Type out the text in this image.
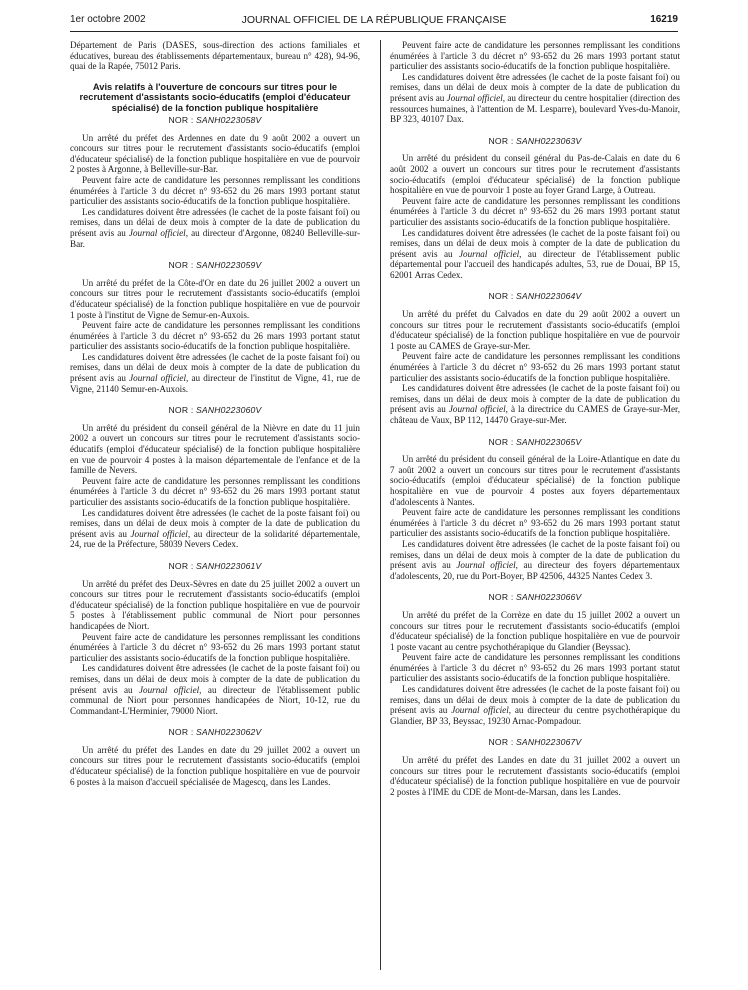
1er octobre 2002	JOURNAL OFFICIEL DE LA RÉPUBLIQUE FRANÇAISE	16219

Département de Paris (DASES, sous-direction des actions familiales et éducatives, bureau des établissements départementaux, bureau n° 428), 94-96, quai de la Rapée, 75012 Paris.

Avis relatifs à l'ouverture de concours sur titres pour le recrutement d'assistants socio-éducatifs (emploi d'éducateur spécialisé) de la fonction publique hospitalière
NOR : SANH0223058V

Un arrêté du préfet des Ardennes en date du 9 août 2002 a ouvert un concours sur titres pour le recrutement d'assistants socio-éducatifs (emploi d'éducateur spécialisé) de la fonction publique hospitalière en vue de pourvoir 2 postes à Argonne, à Belleville-sur-Bar.

Peuvent faire acte de candidature les personnes remplissant les conditions énumérées à l'article 3 du décret n° 93-652 du 26 mars 1993 portant statut particulier des assistants socio-éducatifs de la fonction publique hospitalière.

Les candidatures doivent être adressées (le cachet de la poste faisant foi) ou remises, dans un délai de deux mois à compter de la date de publication du présent avis au Journal officiel, au directeur d'Argonne, 08240 Belleville-sur-Bar.

NOR : SANH0223059V

Un arrêté du préfet de la Côte-d'Or en date du 26 juillet 2002 a ouvert un concours sur titres pour le recrutement d'assistants socio-éducatifs (emploi d'éducateur spécialisé) de la fonction publique hospitalière en vue de pourvoir 1 poste à l'institut de Vigne de Semur-en-Auxois.

Peuvent faire acte de candidature les personnes remplissant les conditions énumérées à l'article 3 du décret n° 93-652 du 26 mars 1993 portant statut particulier des assistants socio-éducatifs de la fonction publique hospitalière.

Les candidatures doivent être adressées (le cachet de la poste faisant foi) ou remises, dans un délai de deux mois à compter de la date de publication du présent avis au Journal officiel, au directeur de l'institut de Vigne, 41, rue de Vigne, 21140 Semur-en-Auxois.

NOR : SANH0223060V

Un arrêté du président du conseil général de la Nièvre en date du 11 juin 2002 a ouvert un concours sur titres pour le recrutement d'assistants socio-éducatifs (emploi d'éducateur spécialisé) de la fonction publique hospitalière en vue de pourvoir 4 postes à la maison départementale de l'enfance et de la famille de Nevers.

Peuvent faire acte de candidature les personnes remplissant les conditions énumérées à l'article 3 du décret n° 93-652 du 26 mars 1993 portant statut particulier des assistants socio-éducatifs de la fonction publique hospitalière.

Les candidatures doivent être adressées (le cachet de la poste faisant foi) ou remises, dans un délai de deux mois à compter de la date de publication du présent avis au Journal officiel, au directeur de la solidarité départementale, 24, rue de la Préfecture, 58039 Nevers Cedex.

NOR : SANH0223061V

Un arrêté du préfet des Deux-Sèvres en date du 25 juillet 2002 a ouvert un concours sur titres pour le recrutement d'assistants socio-éducatifs (emploi d'éducateur spécialisé) de la fonction publique hospitalière en vue de pourvoir 5 postes à l'établissement public communal de Niort pour personnes handicapées de Niort.

Peuvent faire acte de candidature les personnes remplissant les conditions énumérées à l'article 3 du décret n° 93-652 du 26 mars 1993 portant statut particulier des assistants socio-éducatifs de la fonction publique hospitalière.

Les candidatures doivent être adressées (le cachet de la poste faisant foi) ou remises, dans un délai de deux mois à compter de la date de publication du présent avis au Journal officiel, au directeur de l'établissement public communal de Niort pour personnes handicapées de Niort, 10-12, rue du Commandant-L'Herminier, 79000 Niort.

NOR : SANH0223062V

Un arrêté du préfet des Landes en date du 29 juillet 2002 a ouvert un concours sur titres pour le recrutement d'assistants socio-éducatifs (emploi d'éducateur spécialisé) de la fonction publique hospitalière en vue de pourvoir 6 postes à la maison d'accueil spécialisée de Magescq, dans les Landes.

Peuvent faire acte de candidature les personnes remplissant les conditions énumérées à l'article 3 du décret n° 93-652 du 26 mars 1993 portant statut particulier des assistants socio-éducatifs de la fonction publique hospitalière.

Les candidatures doivent être adressées (le cachet de la poste faisant foi) ou remises, dans un délai de deux mois à compter de la date de publication du présent avis au Journal officiel, au directeur du centre hospitalier (direction des ressources humaines, à l'attention de M. Lesparre), boulevard Yves-du-Manoir, BP 323, 40107 Dax.

NOR : SANH0223063V

Un arrêté du président du conseil général du Pas-de-Calais en date du 6 août 2002 a ouvert un concours sur titres pour le recrutement d'assistants socio-éducatifs (emploi d'éducateur spécialisé) de la fonction publique hospitalière en vue de pourvoir 1 poste au foyer Grand Large, à Outreau.

Peuvent faire acte de candidature les personnes remplissant les conditions énumérées à l'article 3 du décret n° 93-652 du 26 mars 1993 portant statut particulier des assistants socio-éducatifs de la fonction publique hospitalière.

Les candidatures doivent être adressées (le cachet de la poste faisant foi) ou remises, dans un délai de deux mois à compter de la date de publication du présent avis au Journal officiel, au directeur de l'établissement public départemental pour l'accueil des handicapés adultes, 53, rue de Douai, BP 15, 62001 Arras Cedex.

NOR : SANH0223064V

Un arrêté du préfet du Calvados en date du 29 août 2002 a ouvert un concours sur titres pour le recrutement d'assistants socio-éducatifs (emploi d'éducateur spécialisé) de la fonction publique hospitalière en vue de pourvoir 1 poste au CAMES de Graye-sur-Mer.

Peuvent faire acte de candidature les personnes remplissant les conditions énumérées à l'article 3 du décret n° 93-652 du 26 mars 1993 portant statut particulier des assistants socio-éducatifs de la fonction publique hospitalière.

Les candidatures doivent être adressées (le cachet de la poste faisant foi) ou remises, dans un délai de deux mois à compter de la date de publication du présent avis au Journal officiel, à la directrice du CAMES de Graye-sur-Mer, château de Vaux, BP 112, 14470 Graye-sur-Mer.

NOR : SANH0223065V

Un arrêté du président du conseil général de la Loire-Atlantique en date du 7 août 2002 a ouvert un concours sur titres pour le recrutement d'assistants socio-éducatifs (emploi d'éducateur spécialisé) de la fonction publique hospitalière en vue de pourvoir 4 postes aux foyers départementaux d'adolescents à Nantes.

Peuvent faire acte de candidature les personnes remplissant les conditions énumérées à l'article 3 du décret n° 93-652 du 26 mars 1993 portant statut particulier des assistants socio-éducatifs de la fonction publique hospitalière.

Les candidatures doivent être adressées (le cachet de la poste faisant foi) ou remises, dans un délai de deux mois à compter de la date de publication du présent avis au Journal officiel, au directeur des foyers départementaux d'adolescents, 20, rue du Port-Boyer, BP 42506, 44325 Nantes Cedex 3.

NOR : SANH0223066V

Un arrêté du préfet de la Corrèze en date du 15 juillet 2002 a ouvert un concours sur titres pour le recrutement d'assistants socio-éducatifs (emploi d'éducateur spécialisé) de la fonction publique hospitalière en vue de pourvoir 1 poste vacant au centre psychothérapique du Glandier (Beyssac).

Peuvent faire acte de candidature les personnes remplissant les conditions énumérées à l'article 3 du décret n° 93-652 du 26 mars 1993 portant statut particulier des assistants socio-éducatifs de la fonction publique hospitalière.

Les candidatures doivent être adressées (le cachet de la poste faisant foi) ou remises, dans un délai de deux mois à compter de la date de publication du présent avis au Journal officiel, au directeur du centre psychothérapique du Glandier, BP 33, Beyssac, 19230 Arnac-Pompadour.

NOR : SANH0223067V

Un arrêté du préfet des Landes en date du 31 juillet 2002 a ouvert un concours sur titres pour le recrutement d'assistants socio-éducatifs (emploi d'éducateur spécialisé) de la fonction publique hospitalière en vue de pourvoir 2 postes à l'IME du CDE de Mont-de-Marsan, dans les Landes.
